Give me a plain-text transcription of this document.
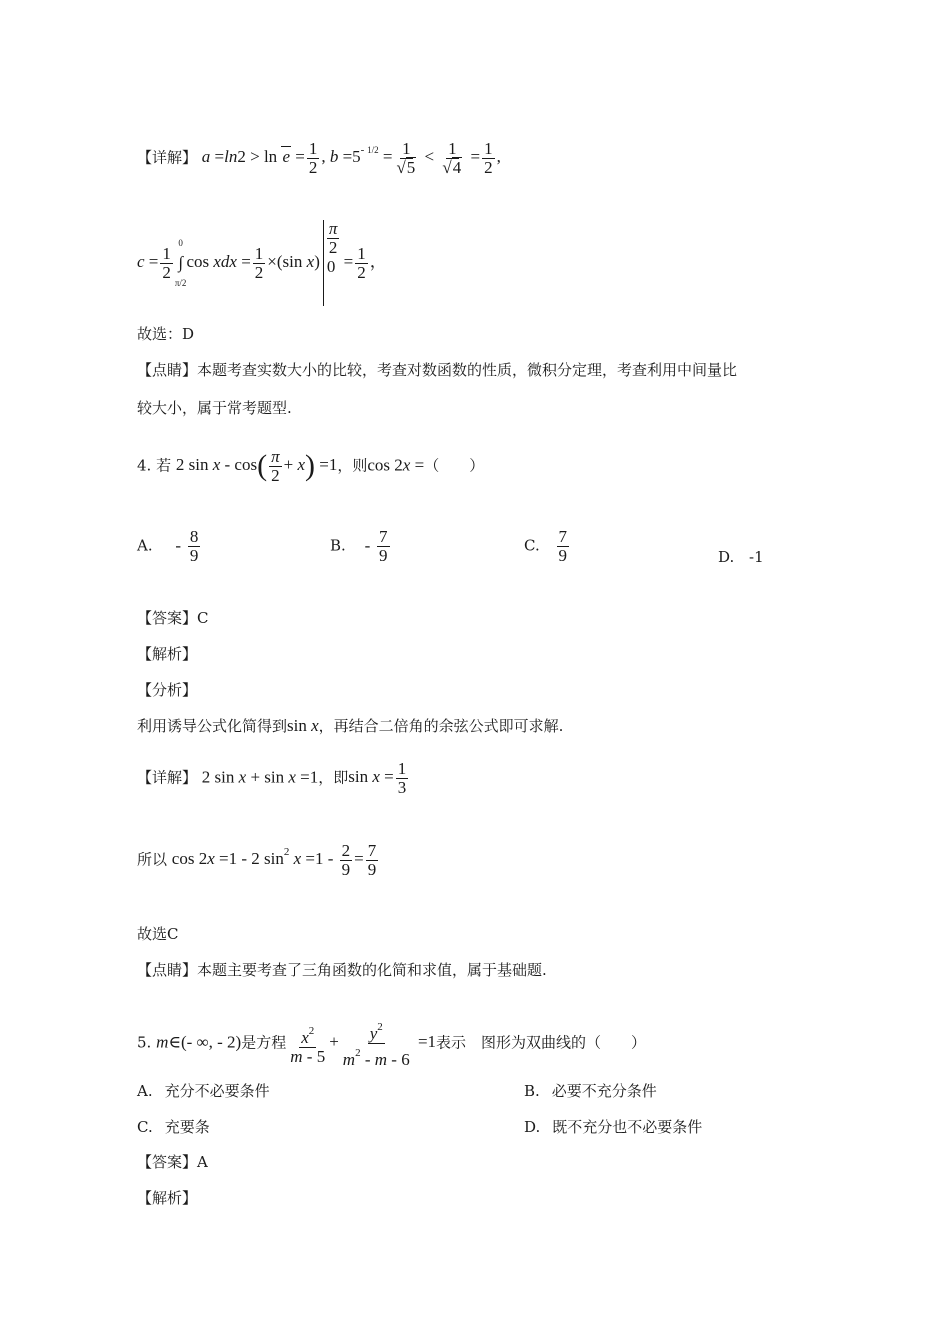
【详解】 $a =\ln 2 > \ln e = \frac{1}{2}$ , $b =5^{- 1/2} = \frac{1}{√5} < \frac{1}{√4} = \frac{1}{2}$ ,
$c = \frac{1}{2}$
0
∫
π/2
cos xdx = $\frac{1}{2} \times(\sin$ x)
$\frac{\pi}{2}$
$0 = \frac{1}{2}$ ，
故选：D
【点睛】本题考查实数大小的比较，考查对数函数的性质，微积分定理，考查利用中间量比
较大小，属于常考题型.
4. 若 2 $\sin x - \cos( \frac{\pi}{2} + x) =1$，则cos 2x =（　　）
A. - $\frac{8}{9}$	B. - $\frac{7}{9}$	C. $\frac{7}{9}$	D. -1
【答案】C
【解析】
【分析】
利用诱导公式化简得到sin x，再结合二倍角的余弦公式即可求解.
【详解】 2 sin x + sin x =1，即$\sin x = \frac{1}{3}$
所以 cos 2x =1 - 2 $\sin^2 x =1 - \frac{2}{9} = \frac{7}{9}$
故选C
【点睛】本题主要考查了三角函数的化简和求值，属于基础题.
5. m∈(- ∞, - 2)是方程 $\frac{x^2}{m - 5} + \frac{y^2}{m^2 - m - 6} =1$表示　图形为双曲线的（　　）
A. 充分不必要条件	B. 必要不充分条件
C. 充要条	D. 既不充分也不必要条件
【答案】A
【解析】
